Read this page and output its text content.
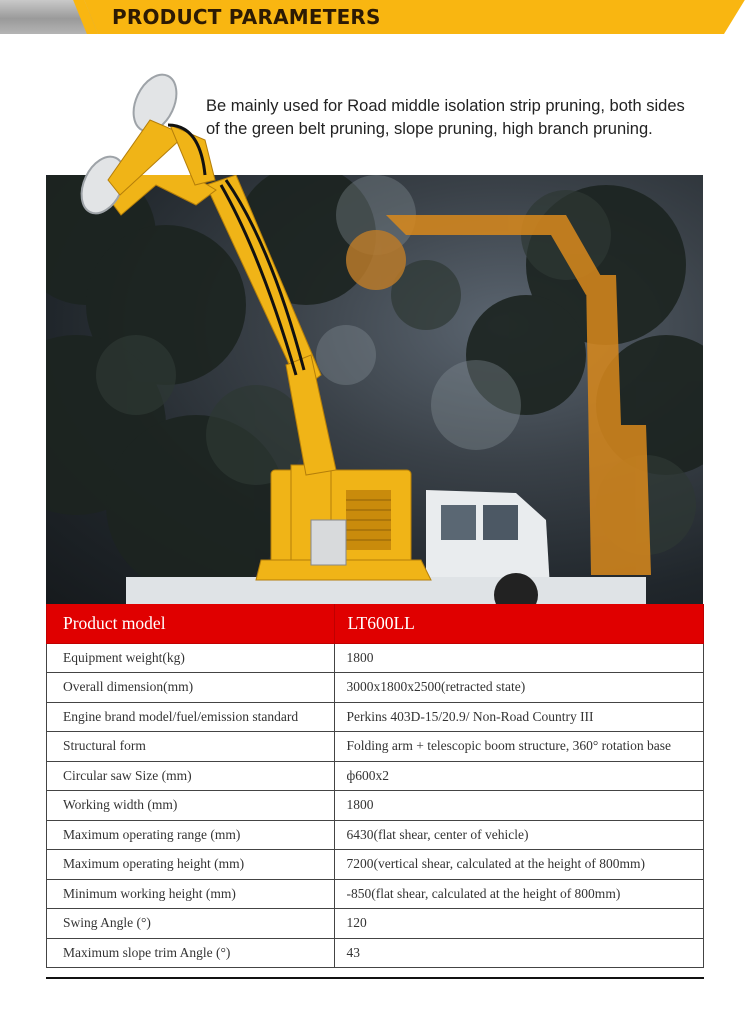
PRODUCT PARAMETERS
Be mainly used for Road middle isolation strip pruning, both sides
of the green belt pruning, slope pruning, high branch pruning.
Product model	LT600LL
Equipment weight(kg)	1800
Overall dimension(mm)	3000x1800x2500(retracted state)
Engine brand model/fuel/emission standard	Perkins 403D-15/20.9/ Non-Road Country III
Structural form	Folding arm + telescopic boom structure, 360° rotation base
Circular saw Size (mm)	ф600x2
Working width (mm)	1800
Maximum operating range (mm)	6430(flat shear, center of vehicle)
Maximum operating height (mm)	7200(vertical shear, calculated at the height of 800mm)
Minimum working height (mm)	-850(flat shear, calculated at the height of 800mm)
Swing Angle (°)	120
Maximum slope trim Angle (°)	43
